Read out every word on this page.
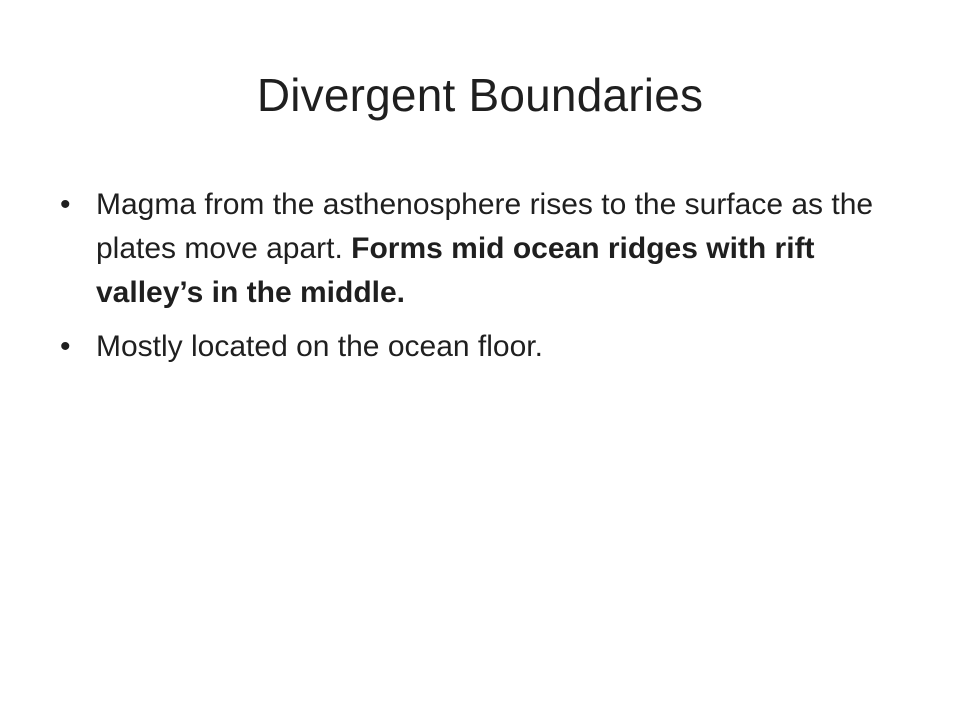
Divergent Boundaries
• Magma from the asthenosphere rises to the surface as the plates move apart. Forms mid ocean ridges with rift valley’s in the middle.
• Mostly located on the ocean floor.
